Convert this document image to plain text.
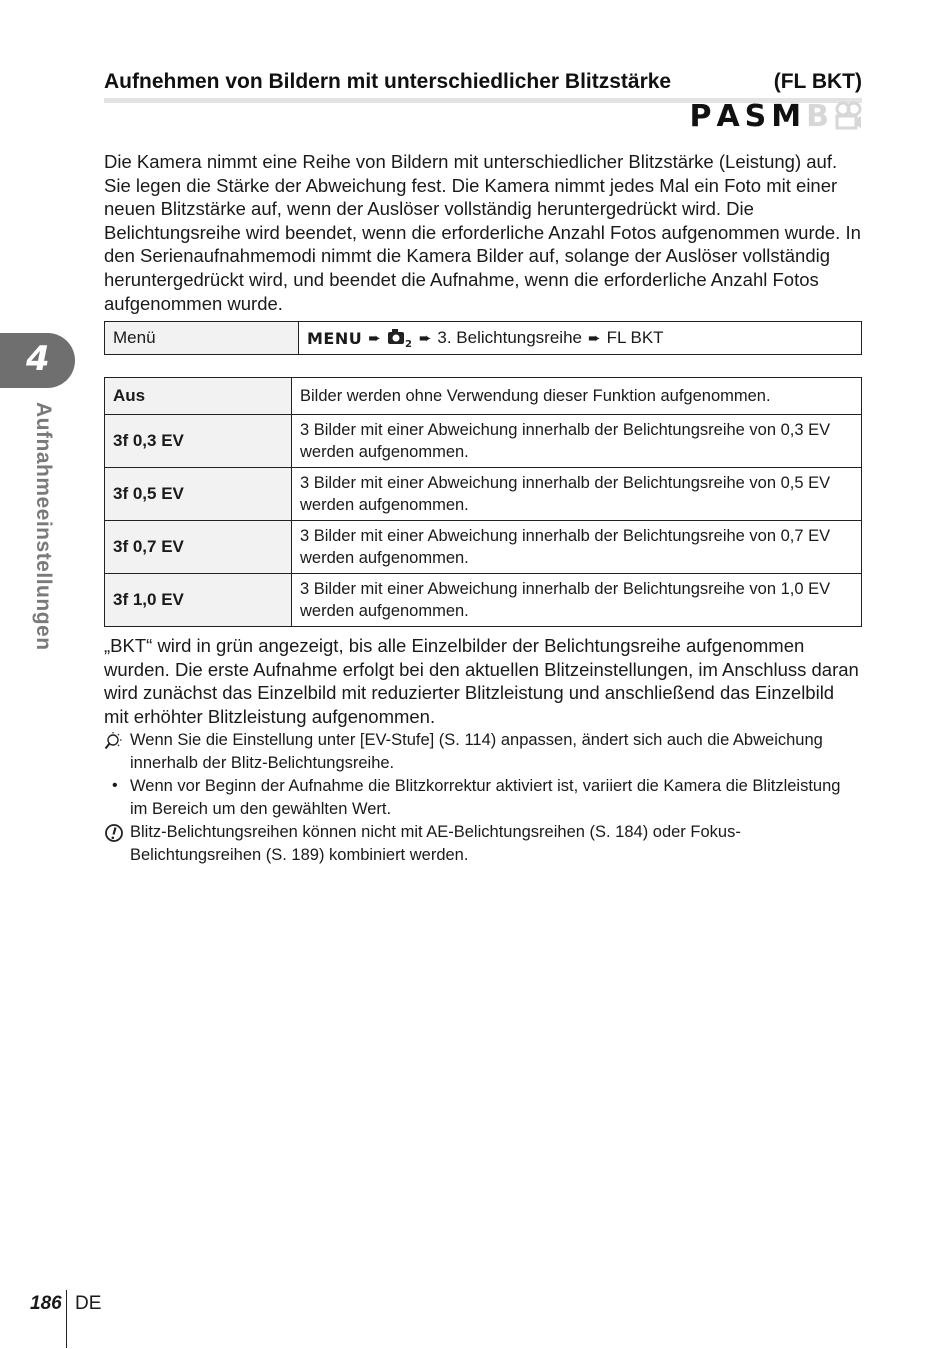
4
Aufnahmeeinstellungen
Aufnehmen von Bildern mit unterschiedlicher Blitzstärke	(FL BKT)
P A S M B
Die Kamera nimmt eine Reihe von Bildern mit unterschiedlicher Blitzstärke (Leistung) auf. Sie legen die Stärke der Abweichung fest. Die Kamera nimmt jedes Mal ein Foto mit einer neuen Blitzstärke auf, wenn der Auslöser vollständig heruntergedrückt wird. Die Belichtungsreihe wird beendet, wenn die erforderliche Anzahl Fotos aufgenommen wurde. In den Serienaufnahmemodi nimmt die Kamera Bilder auf, solange der Auslöser vollständig heruntergedrückt wird, und beendet die Aufnahme, wenn die erforderliche Anzahl Fotos aufgenommen wurde.
Menü	MENU ➨ 2 ➨ 3. Belichtungsreihe ➨ FL BKT
Aus	Bilder werden ohne Verwendung dieser Funktion aufgenommen.
3f 0,3 EV	3 Bilder mit einer Abweichung innerhalb der Belichtungsreihe von 0,3 EV werden aufgenommen.
3f 0,5 EV	3 Bilder mit einer Abweichung innerhalb der Belichtungsreihe von 0,5 EV werden aufgenommen.
3f 0,7 EV	3 Bilder mit einer Abweichung innerhalb der Belichtungsreihe von 0,7 EV werden aufgenommen.
3f 1,0 EV	3 Bilder mit einer Abweichung innerhalb der Belichtungsreihe von 1,0 EV werden aufgenommen.
„BKT“ wird in grün angezeigt, bis alle Einzelbilder der Belichtungsreihe aufgenommen wurden. Die erste Aufnahme erfolgt bei den aktuellen Blitzeinstellungen, im Anschluss daran wird zunächst das Einzelbild mit reduzierter Blitzleistung und anschließend das Einzelbild mit erhöhter Blitzleistung aufgenommen.
Wenn Sie die Einstellung unter [EV-Stufe] (S. 114) anpassen, ändert sich auch die Abweichung innerhalb der Blitz-Belichtungsreihe.
• Wenn vor Beginn der Aufnahme die Blitzkorrektur aktiviert ist, variiert die Kamera die Blitzleistung im Bereich um den gewählten Wert.
Blitz-Belichtungsreihen können nicht mit AE-Belichtungsreihen (S. 184) oder Fokus-Belichtungsreihen (S. 189) kombiniert werden.
186 DE
